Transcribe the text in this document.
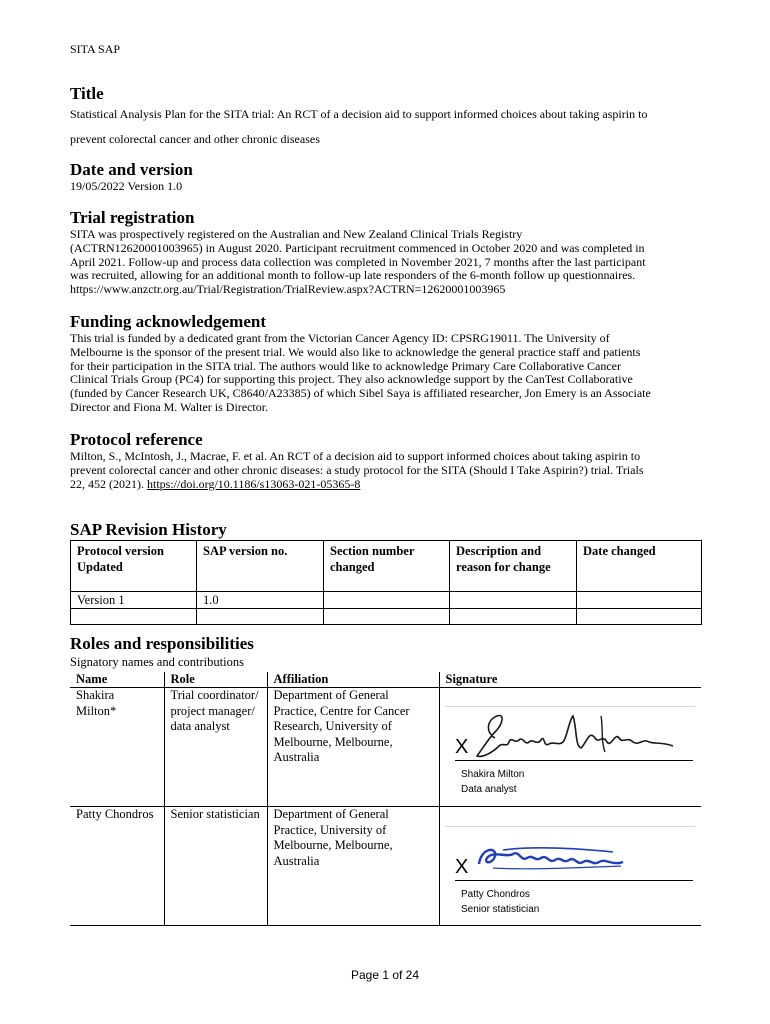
SITA SAP
Title

Statistical Analysis Plan for the SITA trial: An RCT of a decision aid to support informed choices about taking aspirin to

prevent colorectal cancer and other chronic diseases

Date and version

19/05/2022 Version 1.0

Trial registration

SITA was prospectively registered on the Australian and New Zealand Clinical Trials Registry

(ACTRN12620001003965) in August 2020. Participant recruitment commenced in October 2020 and was completed in

April 2021. Follow-up and process data collection was completed in November 2021, 7 months after the last participant

was recruited, allowing for an additional month to follow-up late responders of the 6-month follow up questionnaires.

https://www.anzctr.org.au/Trial/Registration/TrialReview.aspx?ACTRN=12620001003965

Funding acknowledgement

This trial is funded by a dedicated grant from the Victorian Cancer Agency ID: CPSRG19011. The University of

Melbourne is the sponsor of the present trial. We would also like to acknowledge the general practice staff and patients

for their participation in the SITA trial. The authors would like to acknowledge Primary Care Collaborative Cancer

Clinical Trials Group (PC4) for supporting this project. They also acknowledge support by the CanTest Collaborative

(funded by Cancer Research UK, C8640/A23385) of which Sibel Saya is affiliated researcher, Jon Emery is an Associate

Director and Fiona M. Walter is Director.

Protocol reference

Milton, S., McIntosh, J., Macrae, F. et al. An RCT of a decision aid to support informed choices about taking aspirin to

prevent colorectal cancer and other chronic diseases: a study protocol for the SITA (Should I Take Aspirin?) trial. Trials

22, 452 (2021). https://doi.org/10.1186/s13063-021-05365-8

SAP Revision History
Protocol version Updated	SAP version no.	Section number changed	Description and reason for change	Date changed
Version 1	1.0			

Roles and responsibilities

Signatory names and contributions

Name	Role	Affiliation	Signature
Shakira Milton*	Trial coordinator/ project manager/ data analyst	Department of General Practice, Centre for Cancer Research, University of Melbourne, Melbourne, Australia	
Patty Chondros	Senior statistician	Department of General Practice, University of Melbourne, Melbourne, Australia	
X
Shakira Milton
Data analyst
X
Patty Chondros
Senior statistician
Page 1 of 24
